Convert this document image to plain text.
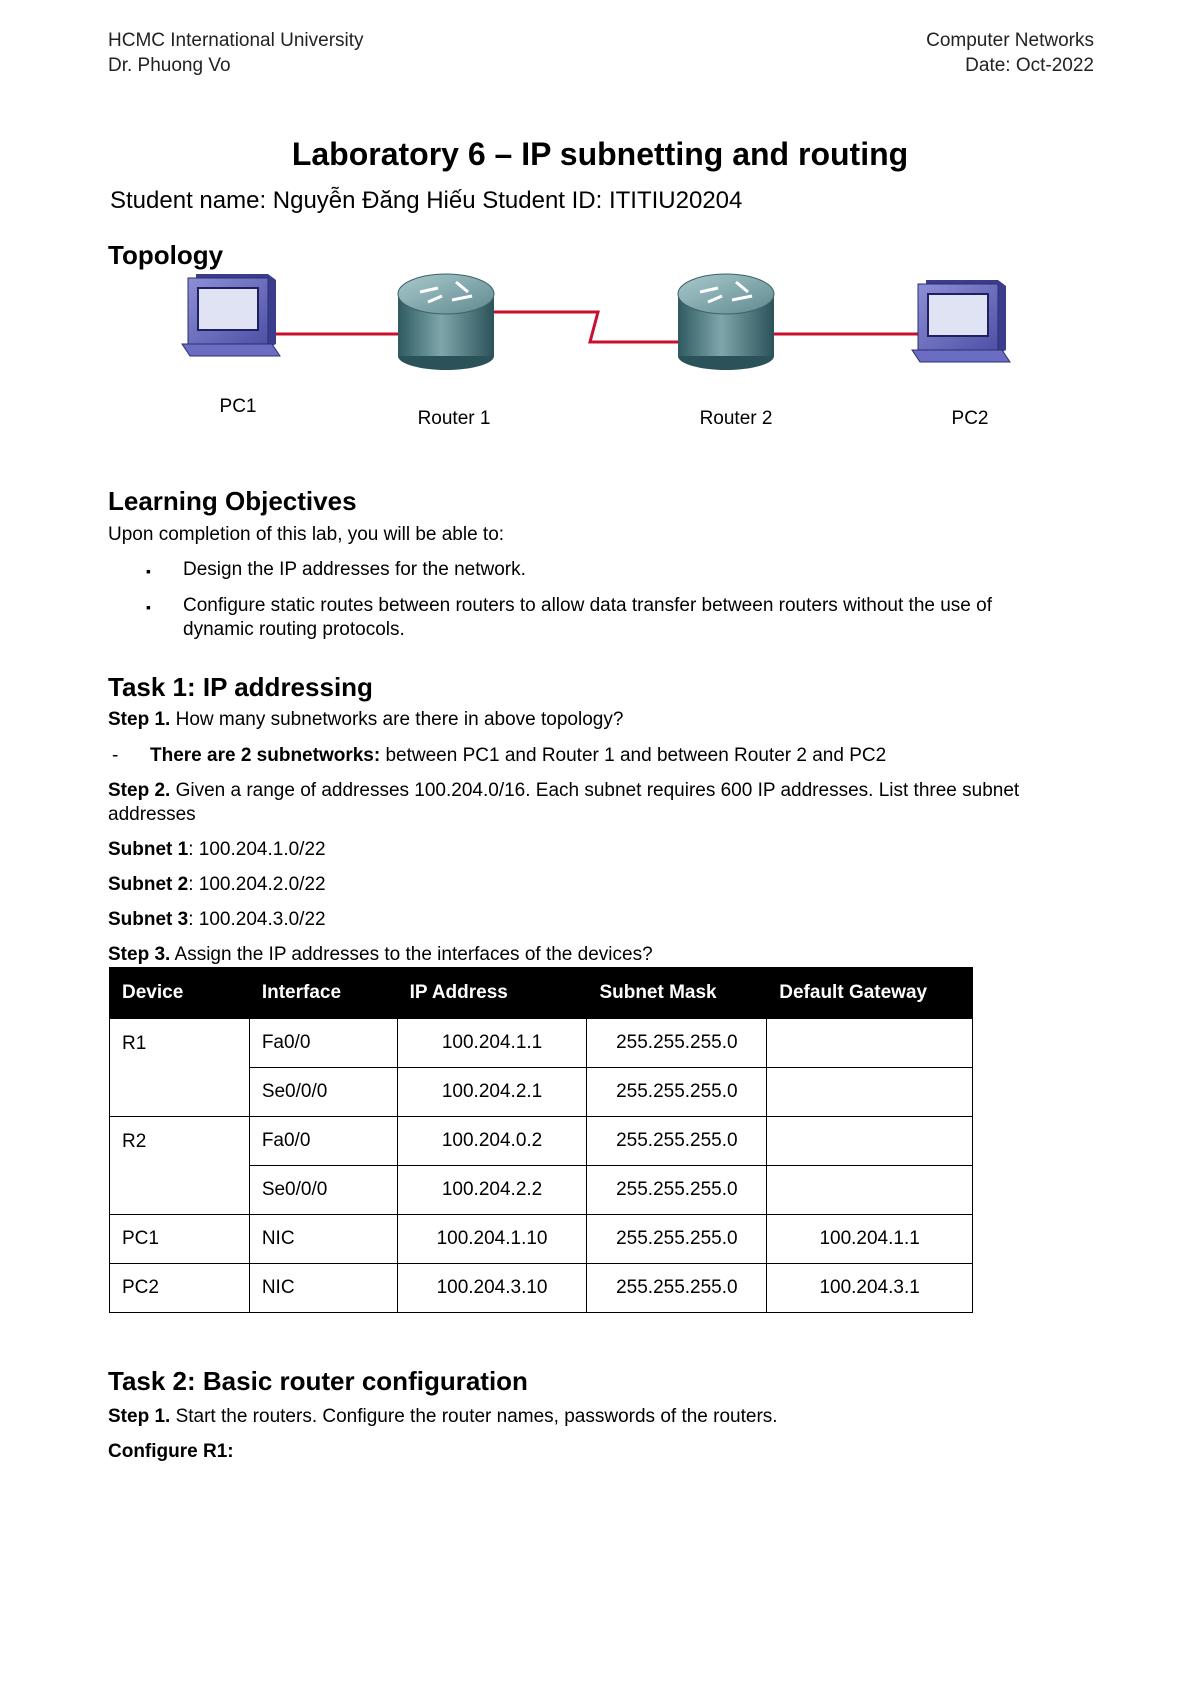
HCMC International University
Dr. Phuong Vo
Computer Networks
Date: Oct-2022
Laboratory 6 – IP subnetting and routing
Student name: Nguyễn Đăng Hiếu Student ID: ITITIU20204
Topology
PC1
Router 1	Router 2	PC2
Learning Objectives
Upon completion of this lab, you will be able to:
▪ Design the IP addresses for the network.
▪ Configure static routes between routers to allow data transfer between routers without the use of
dynamic routing protocols.
Task 1: IP addressing
Step 1. How many subnetworks are there in above topology?
- There are 2 subnetworks: between PC1 and Router 1 and between Router 2 and PC2
Step 2. Given a range of addresses 100.204.0/16. Each subnet requires 600 IP addresses. List three subnet
addresses
Subnet 1: 100.204.1.0/22
Subnet 2: 100.204.2.0/22
Subnet 3: 100.204.3.0/22
Step 3. Assign the IP addresses to the interfaces of the devices?
Device	Interface	IP Address	Subnet Mask	Default Gateway
R1	Fa0/0	100.204.1.1	255.255.255.0	
	Se0/0/0	100.204.2.1	255.255.255.0	
R2	Fa0/0	100.204.0.2	255.255.255.0	
	Se0/0/0	100.204.2.2	255.255.255.0	
PC1	NIC	100.204.1.10	255.255.255.0	100.204.1.1
PC2	NIC	100.204.3.10	255.255.255.0	100.204.3.1
Task 2: Basic router configuration
Step 1. Start the routers. Configure the router names, passwords of the routers.
Configure R1:
